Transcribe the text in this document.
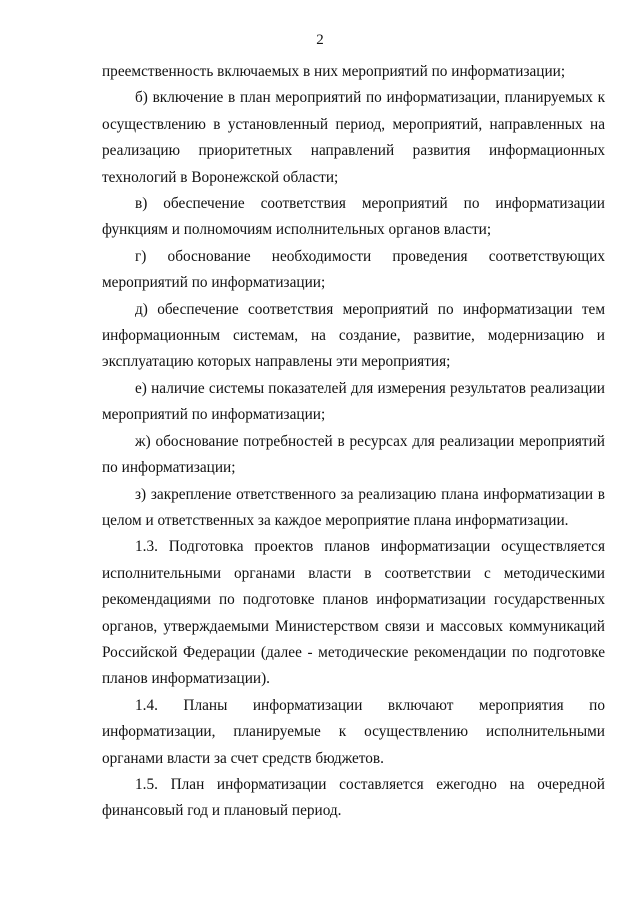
2

преемственность включаемых в них мероприятий по информатизации;

б) включение в план мероприятий по информатизации, планируемых к осуществлению в установленный период, мероприятий, направленных на реализацию приоритетных направлений развития информационных технологий в Воронежской области;

в) обеспечение соответствия мероприятий по информатизации функциям и полномочиям исполнительных органов власти;

г) обоснование необходимости проведения соответствующих мероприятий по информатизации;

д) обеспечение соответствия мероприятий по информатизации тем информационным системам, на создание, развитие, модернизацию и эксплуатацию которых направлены эти мероприятия;

е) наличие системы показателей для измерения результатов реализации мероприятий по информатизации;

ж) обоснование потребностей в ресурсах для реализации мероприятий по информатизации;

з) закрепление ответственного за реализацию плана информатизации в целом и ответственных за каждое мероприятие плана информатизации.

1.3. Подготовка проектов планов информатизации осуществляется исполнительными органами власти в соответствии с методическими рекомендациями по подготовке планов информатизации государственных органов, утверждаемыми Министерством связи и массовых коммуникаций Российской Федерации (далее - методические рекомендации по подготовке планов информатизации).

1.4. Планы информатизации включают мероприятия по информатизации, планируемые к осуществлению исполнительными органами власти за счет средств бюджетов.

1.5. План информатизации составляется ежегодно на очередной финансовый год и плановый период.
